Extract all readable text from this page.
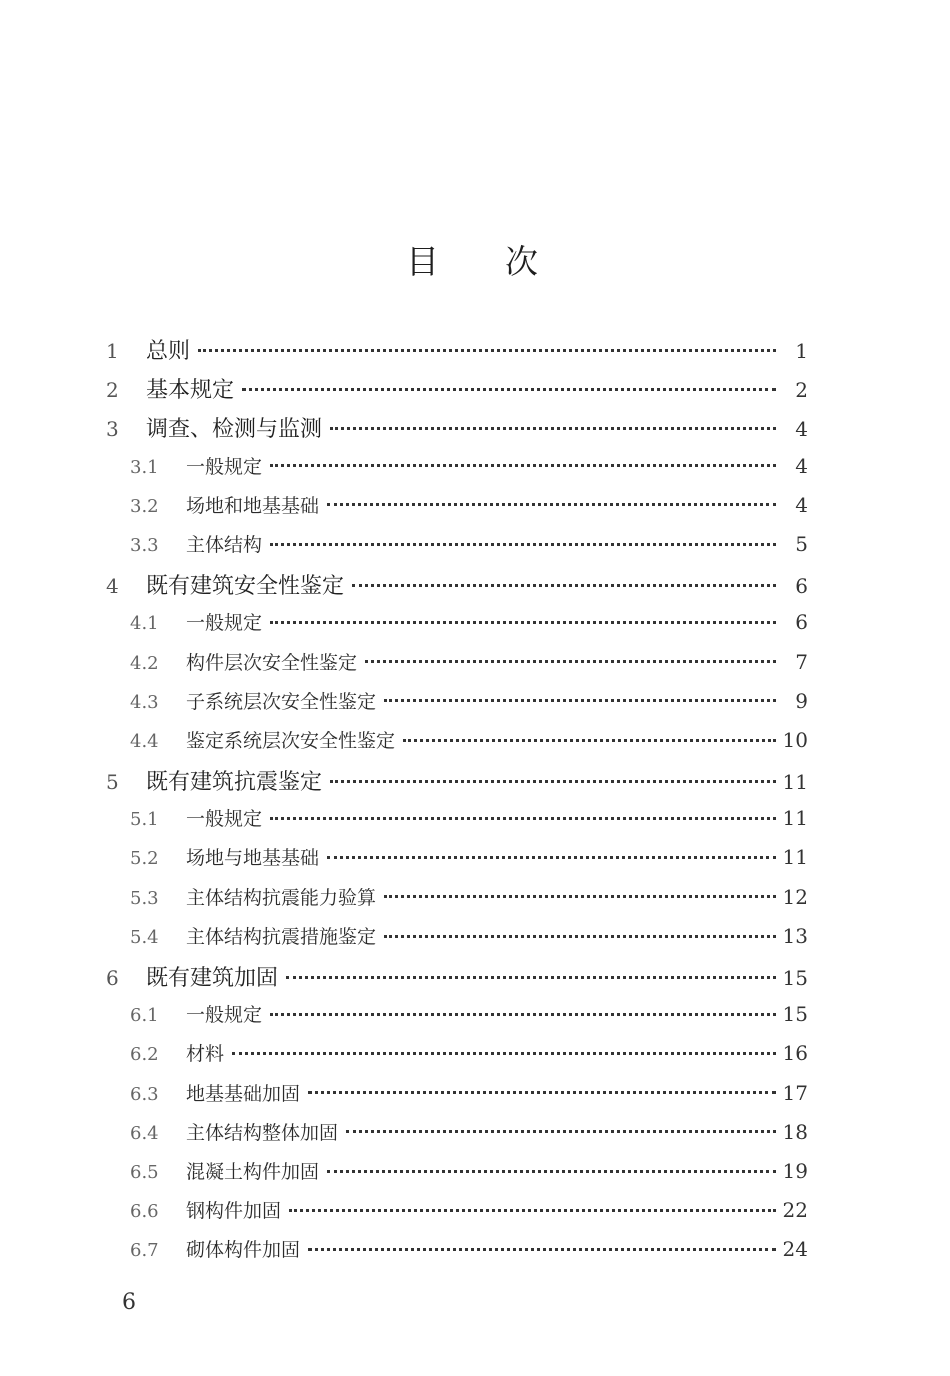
目次
1	总则	1
2	基本规定	2
3	调查、检测与监测	4
3.1	一般规定	4
3.2	场地和地基基础	4
3.3	主体结构	5
4	既有建筑安全性鉴定	6
4.1	一般规定	6
4.2	构件层次安全性鉴定	7
4.3	子系统层次安全性鉴定	9
4.4	鉴定系统层次安全性鉴定	10
5	既有建筑抗震鉴定	11
5.1	一般规定	11
5.2	场地与地基基础	11
5.3	主体结构抗震能力验算	12
5.4	主体结构抗震措施鉴定	13
6	既有建筑加固	15
6.1	一般规定	15
6.2	材料	16
6.3	地基基础加固	17
6.4	主体结构整体加固	18
6.5	混凝土构件加固	19
6.6	钢构件加固	22
6.7	砌体构件加固	24
6
